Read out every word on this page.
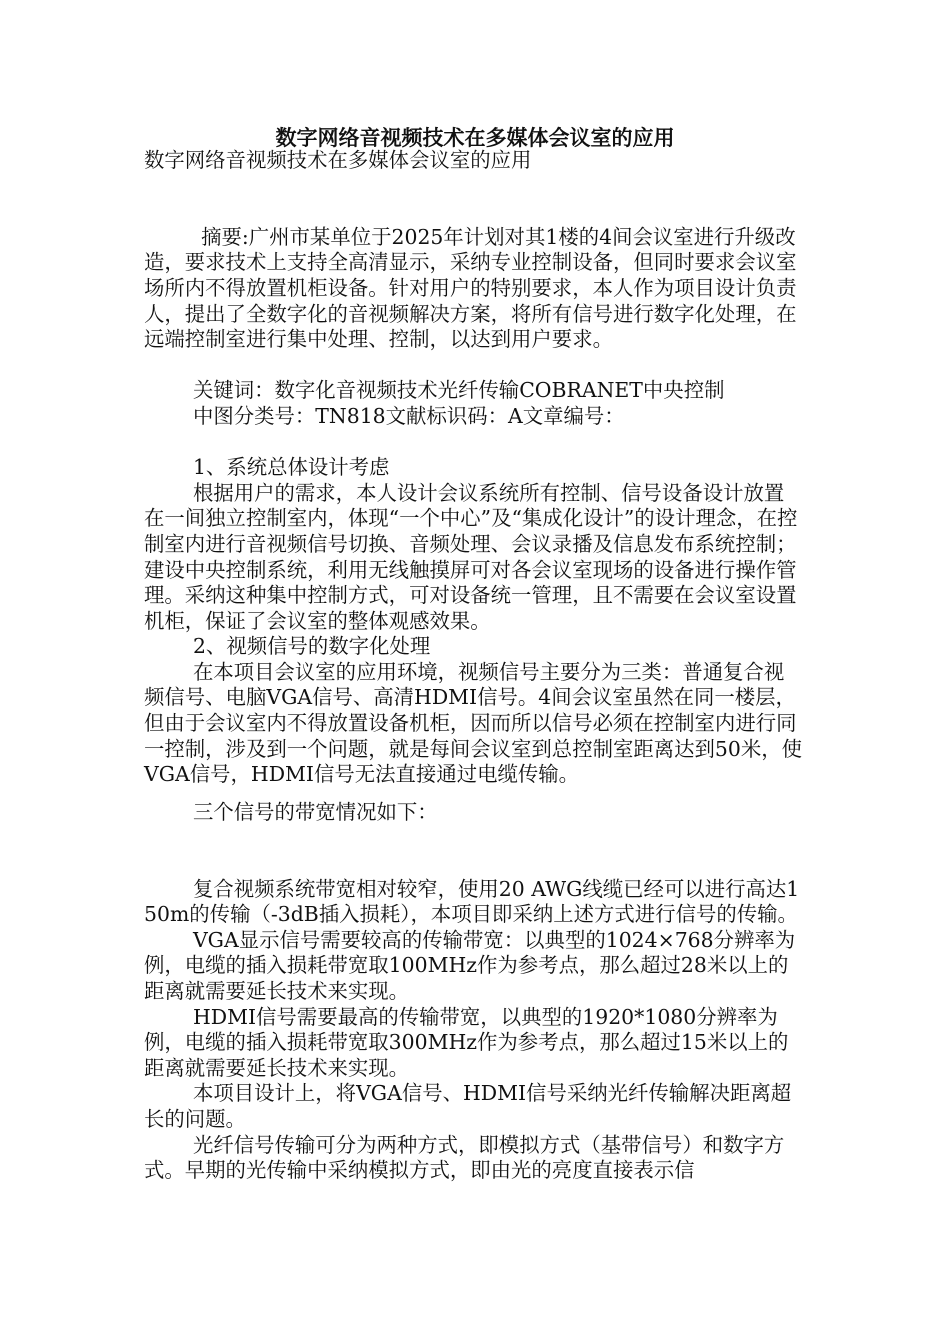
数字网络音视频技术在多媒体会议室的应用

数字网络音视频技术在多媒体会议室的应用

摘要:广州市某单位于2025年计划对其1楼的4间会议室进行升级改造，要求技术上支持全高清显示，采纳专业控制设备，但同时要求会议室场所内不得放置机柜设备。针对用户的特别要求，本人作为项目设计负责人，提出了全数字化的音视频解决方案，将所有信号进行数字化处理，在远端控制室进行集中处理、控制，以达到用户要求。

关键词：数字化音视频技术光纤传输COBRANET中央控制

中图分类号：TN818文献标识码：A文章编号：

1、系统总体设计考虑

根据用户的需求，本人设计会议系统所有控制、信号设备设计放置在一间独立控制室内，体现“一个中心”及“集成化设计”的设计理念，在控制室内进行音视频信号切换、音频处理、会议录播及信息发布系统控制；建设中央控制系统，利用无线触摸屏可对各会议室现场的设备进行操作管理。采纳这种集中控制方式，可对设备统一管理，且不需要在会议室设置机柜，保证了会议室的整体观感效果。

2、视频信号的数字化处理

在本项目会议室的应用环境，视频信号主要分为三类：普通复合视频信号、电脑VGA信号、高清HDMI信号。4间会议室虽然在同一楼层，但由于会议室内不得放置设备机柜，因而所以信号必须在控制室内进行同一控制，涉及到一个问题，就是每间会议室到总控制室距离达到50米，使VGA信号，HDMI信号无法直接通过电缆传输。

三个信号的带宽情况如下：

复合视频系统带宽相对较窄，使用20 AWG线缆已经可以进行高达150m的传输（-3dB插入损耗），本项目即采纳上述方式进行信号的传输。

VGA显示信号需要较高的传输带宽：以典型的1024×768分辨率为例，电缆的插入损耗带宽取100MHz作为参考点，那么超过28米以上的距离就需要延长技术来实现。

HDMI信号需要最高的传输带宽，以典型的1920*1080分辨率为例，电缆的插入损耗带宽取300MHz作为参考点，那么超过15米以上的距离就需要延长技术来实现。

本项目设计上，将VGA信号、HDMI信号采纳光纤传输解决距离超长的问题。

光纤信号传输可分为两种方式，即模拟方式（基带信号）和数字方式。早期的光传输中采纳模拟方式，即由光的亮度直接表示信
